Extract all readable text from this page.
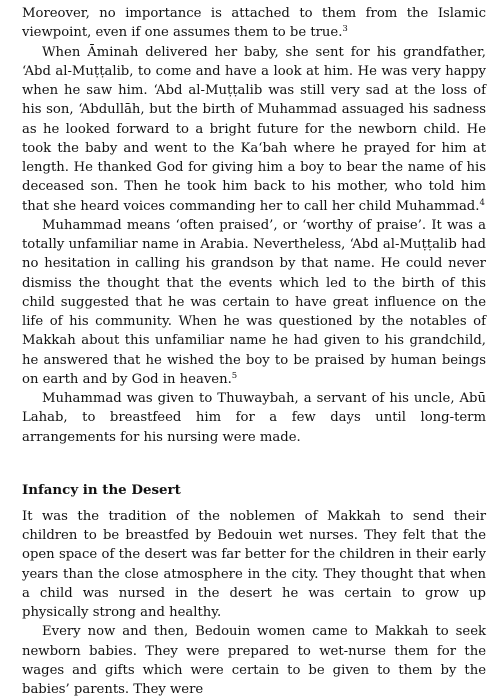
Moreover, no importance is attached to them from the Islamic viewpoint, even if one assumes them to be true.$^3$

When Āminah delivered her baby, she sent for his grandfather, ‘Abd al-Muṭṭalib, to come and have a look at him. He was very happy when he saw him. ‘Abd al-Muṭṭalib was still very sad at the loss of his son, ‘Abdullāh, but the birth of Muhammad assuaged his sadness as he looked forward to a bright future for the newborn child. He took the baby and went to the Ka‘bah where he prayed for him at length. He thanked God for giving him a boy to bear the name of his deceased son. Then he took him back to his mother, who told him that she heard voices commanding her to call her child Muhammad.$^4$

Muhammad means ‘often praised’, or ‘worthy of praise’. It was a totally unfamiliar name in Arabia. Nevertheless, ‘Abd al-Muṭṭalib had no hesitation in calling his grandson by that name. He could never dismiss the thought that the events which led to the birth of this child suggested that he was certain to have great influence on the life of his community. When he was questioned by the notables of Makkah about this unfamiliar name he had given to his grandchild, he answered that he wished the boy to be praised by human beings on earth and by God in heaven.$^5$

Muhammad was given to Thuwaybah, a servant of his uncle, Abū Lahab, to breastfeed him for a few days until long-term arrangements for his nursing were made.

Infancy in the Desert

It was the tradition of the noblemen of Makkah to send their children to be breastfed by Bedouin wet nurses. They felt that the open space of the desert was far better for the children in their early years than the close atmosphere in the city. They thought that when a child was nursed in the desert he was certain to grow up physically strong and healthy.

Every now and then, Bedouin women came to Makkah to seek newborn babies. They were prepared to wet-nurse them for the wages and gifts which were certain to be given to them by the babies’ parents. They were
